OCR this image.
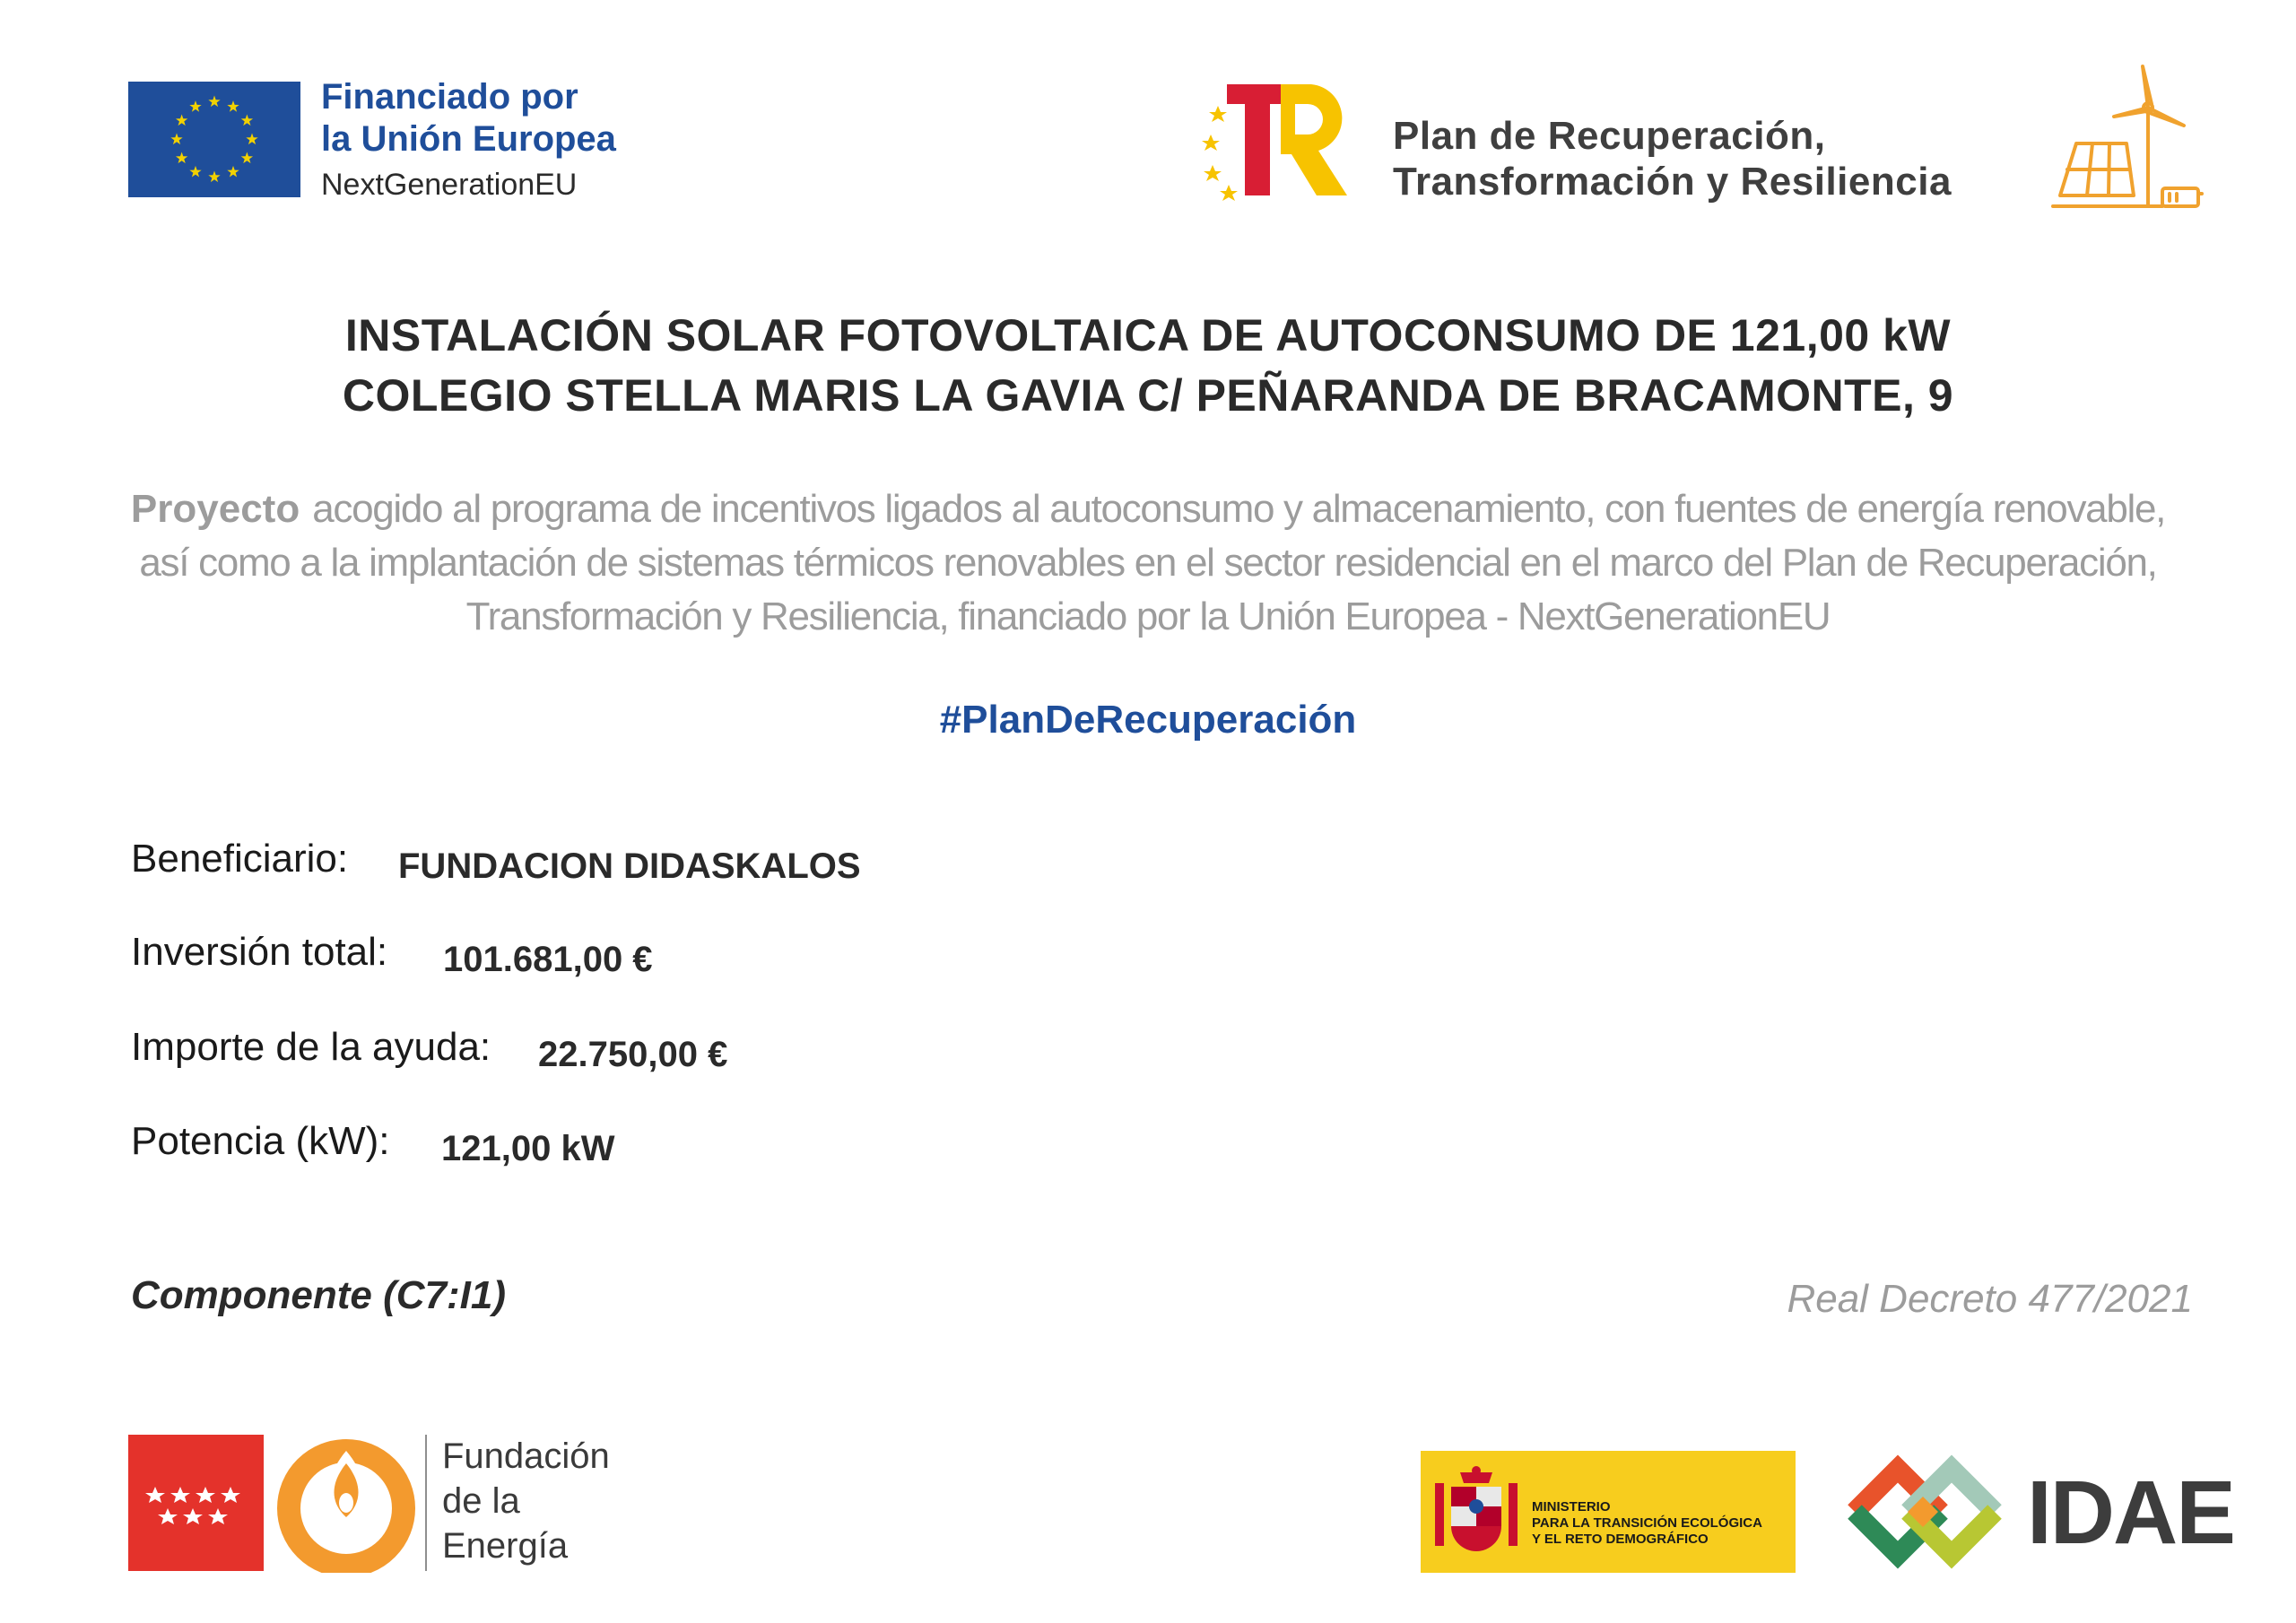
Financiado por
la Unión Europea
NextGenerationEU
Plan de Recuperación,
Transformación y Resiliencia
INSTALACIÓN SOLAR FOTOVOLTAICA DE AUTOCONSUMO DE 121,00 kW
COLEGIO STELLA MARIS LA GAVIA C/ PEÑARANDA DE BRACAMONTE, 9
Proyecto acogido al programa de incentivos ligados al autoconsumo y almacenamiento, con fuentes de energía renovable, así como a la implantación de sistemas térmicos renovables en el sector residencial en el marco del Plan de Recuperación, Transformación y Resiliencia, financiado por la Unión Europea - NextGenerationEU
#PlanDeRecuperación
Beneficiario: FUNDACION DIDASKALOS
Inversión total: 101.681,00 €
Importe de la ayuda: 22.750,00 €
Potencia (kW): 121,00 kW
Componente (C7:I1)	Real Decreto 477/2021
Fundación
de la
Energía
MINISTERIO
PARA LA TRANSICIÓN ECOLÓGICA
Y EL RETO DEMOGRÁFICO	IDAE
